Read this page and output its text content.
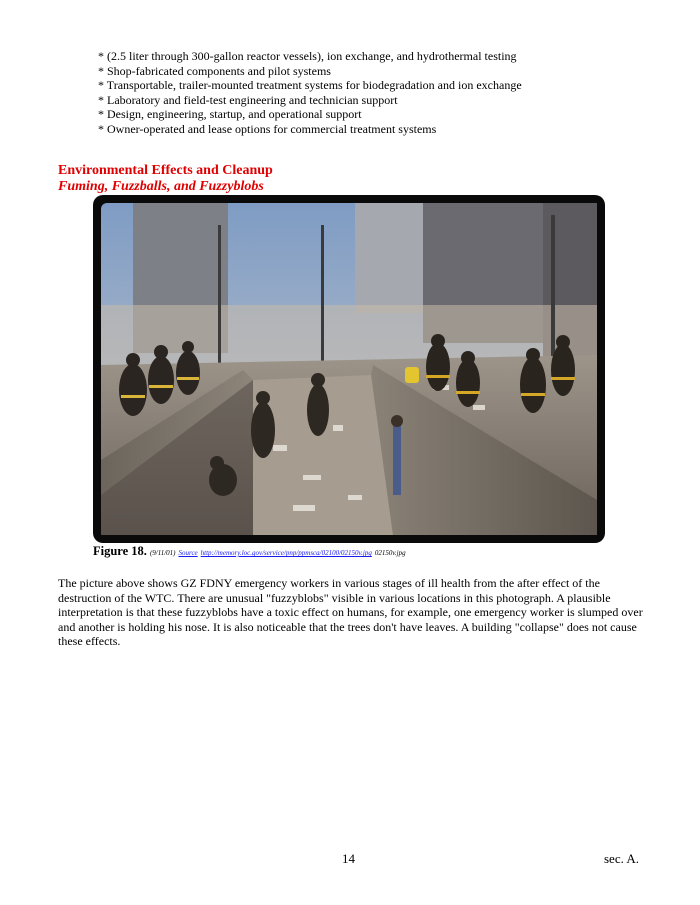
* (2.5 liter through 300-gallon reactor vessels), ion exchange, and hydrothermal testing
* Shop-fabricated components and pilot systems
* Transportable, trailer-mounted treatment systems for biodegradation and ion exchange
* Laboratory and field-test engineering and technician support
* Design, engineering, startup, and operational support
* Owner-operated and lease options for commercial treatment systems
Environmental Effects and Cleanup
Fuming, Fuzzballs, and Fuzzyblobs
Figure 18. (9/11/01) Source http://memory.loc.gov/service/pnp/ppmsca/02100/02150v.jpg 02150v.jpg
The picture above shows GZ FDNY emergency workers in various stages of ill health from the after effect of the destruction of the WTC. There are unusual "fuzzyblobs" visible in various locations in this photograph. A plausible interpretation is that these fuzzyblobs have a toxic effect on humans, for example, one emergency worker is slumped over and another is holding his nose. It is also noticeable that the trees don't have leaves. A building "collapse" does not cause these effects.
14	sec. A.
